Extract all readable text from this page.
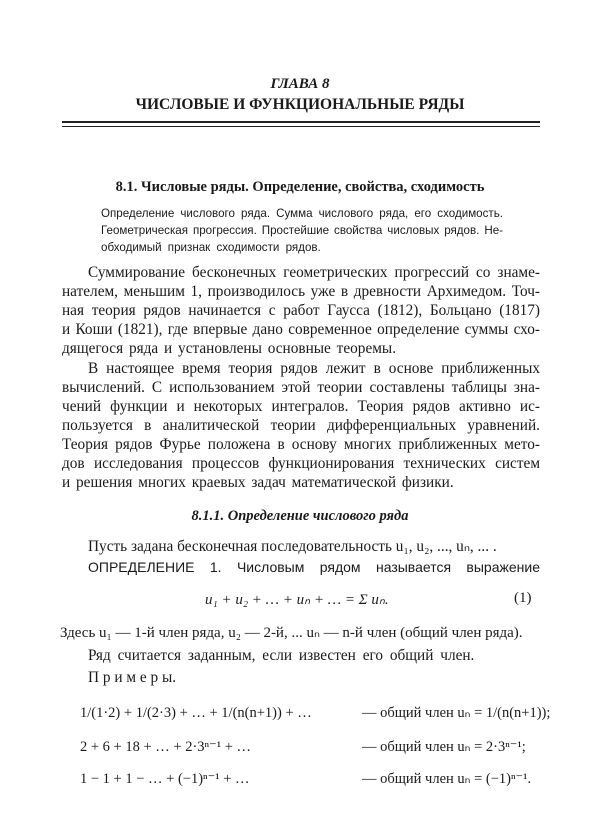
ГЛАВА 8
ЧИСЛОВЫЕ И ФУНКЦИОНАЛЬНЫЕ РЯДЫ
8.1. Числовые ряды. Определение, свойства, сходимость
Определение числового ряда. Сумма числового ряда, его сходимость.
Геометрическая прогрессия. Простейшие свойства числовых рядов. Не-
обходимый признак сходимости рядов.
Суммирование бесконечных геометрических прогрессий со знаме-
нателем, меньшим 1, производилось уже в древности Архимедом. Точ-
ная теория рядов начинается с работ Гаусса (1812), Больцано (1817)
и Коши (1821), где впервые дано современное определение суммы схо-
дящегося ряда и установлены основные теоремы.
В настоящее время теория рядов лежит в основе приближенных
вычислений. С использованием этой теории составлены таблицы зна-
чений функции и некоторых интегралов. Теория рядов активно ис-
пользуется в аналитической теории дифференциальных уравнений.
Теория рядов Фурье положена в основу многих приближенных мето-
дов исследования процессов функционирования технических систем
и решения многих краевых задач математической физики.
8.1.1. Определение числового ряда
Пусть задана бесконечная последовательность u₁, u₂, ..., uₙ, ... .
ОПРЕДЕЛЕНИЕ 1. Числовым рядом называется выражение
u₁ + u₂ + … + uₙ + … = Σ uₙ.	(1)
Здесь u₁ — 1-й член ряда, u₂ — 2-й, ... uₙ — n-й член (общий член ряда).
Ряд считается заданным, если известен его общий член.
П р и м е р ы.
1/(1·2) + 1/(2·3) + … + 1/(n(n+1)) + …	— общий член uₙ = 1/(n(n+1));
2 + 6 + 18 + … + 2·3ⁿ⁻¹ + …	— общий член uₙ = 2·3ⁿ⁻¹;
1 − 1 + 1 − … + (−1)ⁿ⁻¹ + …	— общий член uₙ = (−1)ⁿ⁻¹.
